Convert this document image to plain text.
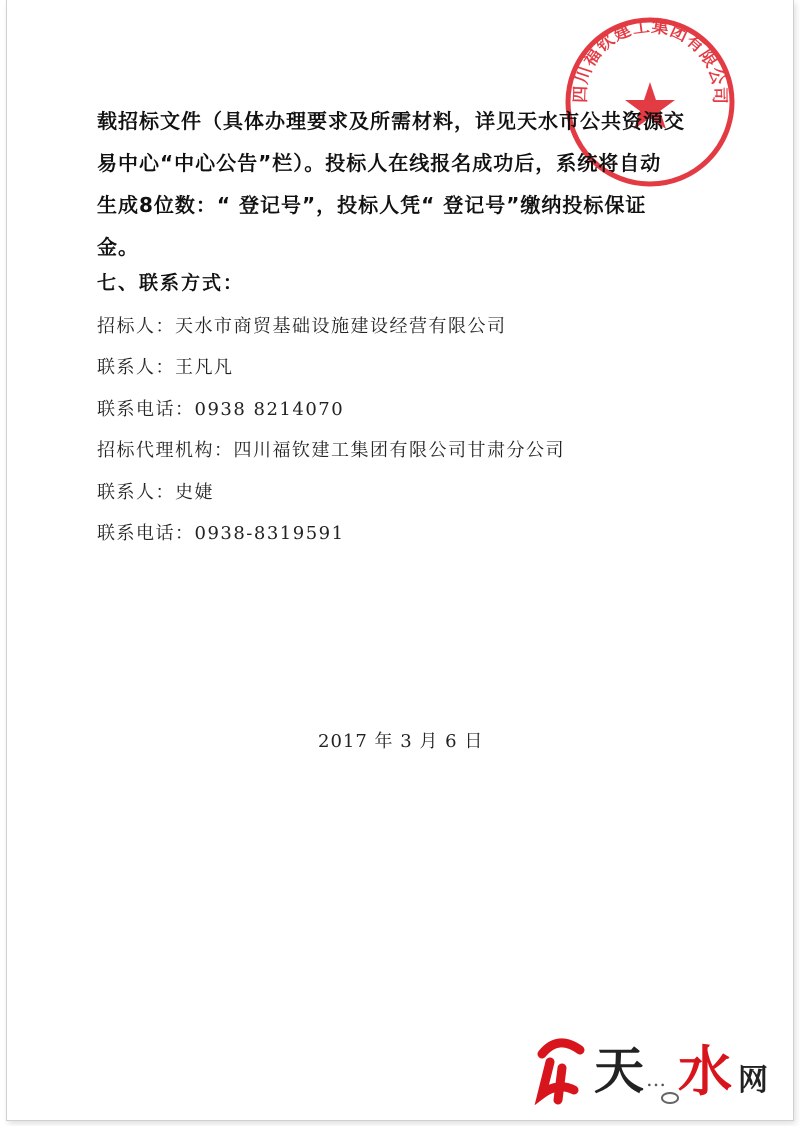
四川福钦建工集团有限公司
载招标文件（具体办理要求及所需材料，详见天水市公共资源交
易中心“中心公告”栏）。投标人在线报名成功后，系统将自动
生成8位数：“ 登记号”，投标人凭“ 登记号”缴纳投标保证
金。
七、联系方式：
招标人：天水市商贸基础设施建设经营有限公司
联系人：王凡凡
联系电话：0938 8214070
招标代理机构：四川福钦建工集团有限公司甘肃分公司
联系人：史婕
联系电话：0938-8319591
2017 年 3 月 6 日
天 … 水 网
